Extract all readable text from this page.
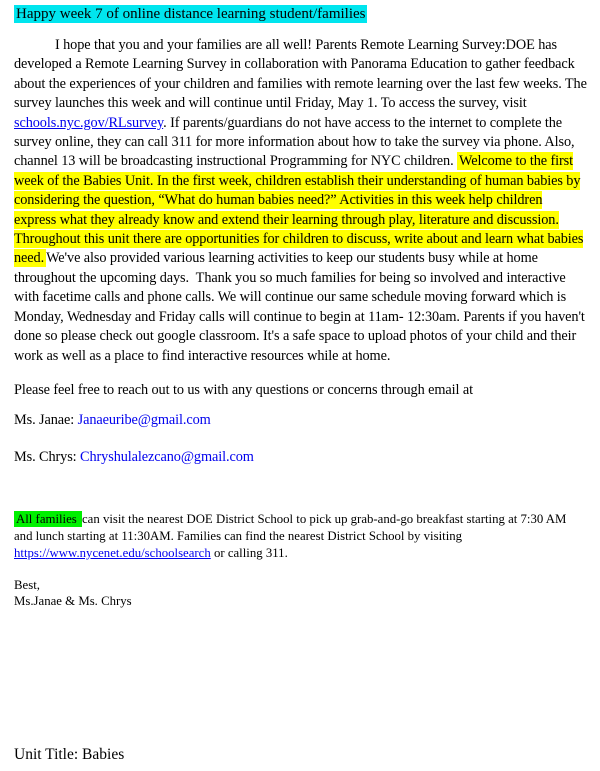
Happy week 7 of online distance learning student/families

I hope that you and your families are all well! Parents Remote Learning Survey:DOE has developed a Remote Learning Survey in collaboration with Panorama Education to gather feedback about the experiences of your children and families with remote learning over the last few weeks. The survey launches this week and will continue until Friday, May 1. To access the survey, visit  schools.nyc.gov/RLsurvey. If parents/guardians do not have access to the internet to complete the survey online, they can call 311 for more information about how to take the survey via phone. Also, channel 13 will be broadcasting instructional Programming for NYC children. Welcome to the first week of the Babies Unit. In the first week, children establish their understanding of human babies by considering the question, “What do human babies need?” Activities in this week help children express what they already know and extend their learning through play, literature and discussion. Throughout this unit there are opportunities for children to discuss, write about and learn what babies need. We've also provided various learning activities to keep our students busy while at home throughout the upcoming days.  Thank you so much families for being so involved and interactive with facetime calls and phone calls. We will continue our same schedule moving forward which is Monday, Wednesday and Friday calls will continue to begin at 11am- 12:30am. Parents if you haven't done so please check out google classroom. It's a safe space to upload photos of your child and their work as well as a place to find interactive resources while at home.

Please feel free to reach out to us with any questions or concerns through email at

Ms. Janae: Janaeuribe@gmail.com

Ms. Chrys: Chryshulalezcano@gmail.com

All families can visit the nearest DOE District School to pick up grab-and-go breakfast starting at 7:30 AM and lunch starting at 11:30AM. Families can find the nearest District School by visiting https://www.nycenet.edu/schoolsearch or calling 311.

Best,
Ms.Janae & Ms. Chrys

Unit Title: Babies
